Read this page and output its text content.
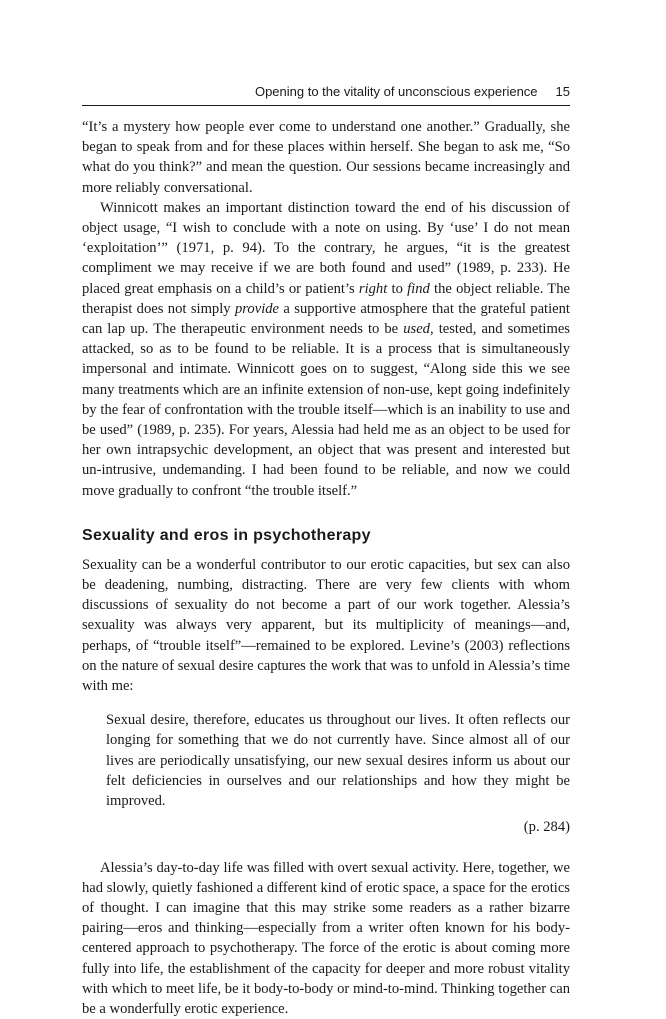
Opening to the vitality of unconscious experience 15

“It’s a mystery how people ever come to understand one another.” Gradually, she began to speak from and for these places within herself. She began to ask me, “So what do you think?” and mean the question. Our sessions became increasingly and more reliably conversational.

Winnicott makes an important distinction toward the end of his discussion of object usage, “I wish to conclude with a note on using. By ‘use’ I do not mean ‘exploitation’” (1971, p. 94). To the contrary, he argues, “it is the greatest compliment we may receive if we are both found and used” (1989, p. 233). He placed great emphasis on a child’s or patient’s right to find the object reliable. The therapist does not simply provide a supportive atmosphere that the grateful patient can lap up. The therapeutic environment needs to be used, tested, and sometimes attacked, so as to be found to be reliable. It is a process that is simultaneously impersonal and intimate. Winnicott goes on to suggest, “Along side this we see many treatments which are an infinite extension of non-use, kept going indefinitely by the fear of confrontation with the trouble itself—which is an inability to use and be used” (1989, p. 235). For years, Alessia had held me as an object to be used for her own intrapsychic development, an object that was present and interested but un-intrusive, undemanding. I had been found to be reliable, and now we could move gradually to confront “the trouble itself.”

Sexuality and eros in psychotherapy

Sexuality can be a wonderful contributor to our erotic capacities, but sex can also be deadening, numbing, distracting. There are very few clients with whom discussions of sexuality do not become a part of our work together. Alessia’s sexuality was always very apparent, but its multiplicity of meanings—and, perhaps, of “trouble itself”—remained to be explored. Levine’s (2003) reflections on the nature of sexual desire captures the work that was to unfold in Alessia’s time with me:

Sexual desire, therefore, educates us throughout our lives. It often reflects our longing for something that we do not currently have. Since almost all of our lives are periodically unsatisfying, our new sexual desires inform us about our felt deficiencies in ourselves and our relationships and how they might be improved.

(p. 284)

Alessia’s day-to-day life was filled with overt sexual activity. Here, together, we had slowly, quietly fashioned a different kind of erotic space, a space for the erotics of thought. I can imagine that this may strike some readers as a rather bizarre pairing—eros and thinking—especially from a writer often known for his body-centered approach to psychotherapy. The force of the erotic is about coming more fully into life, the establishment of the capacity for deeper and more robust vitality with which to meet life, be it body-to-body or mind-to-mind. Thinking together can be a wonderfully erotic experience.
